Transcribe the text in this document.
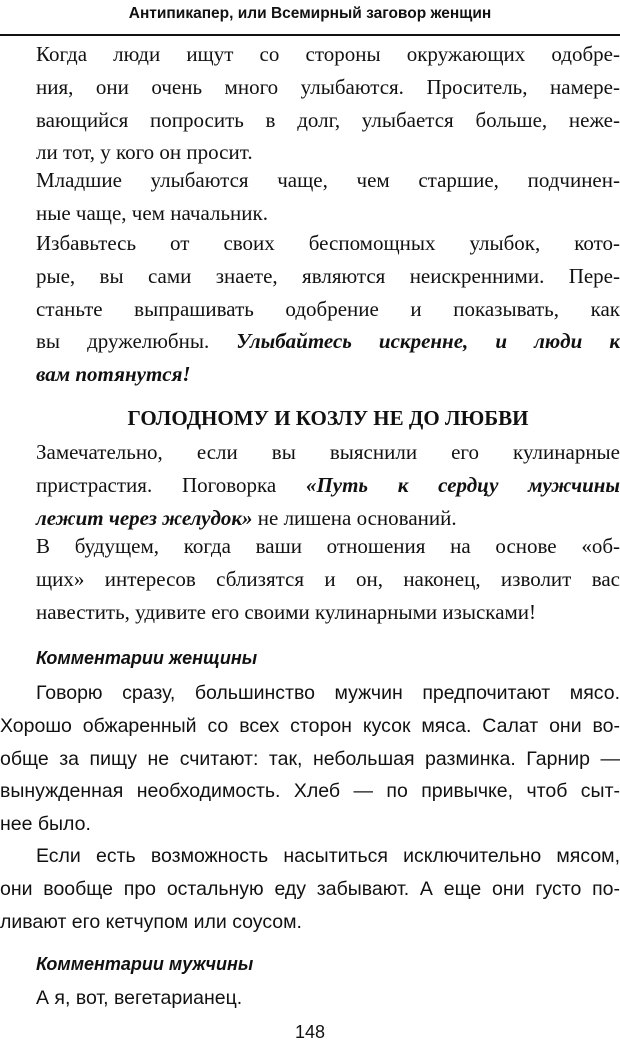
Антипикапер, или Всемирный заговор женщин
Когда люди ищут со стороны окружающих одобре-
ния, они очень много улыбаются. Проситель, намере-
вающийся попросить в долг, улыбается больше, неже-
ли тот, у кого он просит.
Младшие улыбаются чаще, чем старшие, подчинен-
ные чаще, чем начальник.
Избавьтесь от своих беспомощных улыбок, кото-
рые, вы сами знаете, являются неискренними. Пере-
станьте выпрашивать одобрение и показывать, как
вы дружелюбны. Улыбайтесь искренне, и люди к
вам потянутся!
ГОЛОДНОМУ И КОЗЛУ НЕ ДО ЛЮБВИ
Замечательно, если вы выяснили его кулинарные
пристрастия. Поговорка «Путь к сердцу мужчины
лежит через желудок» не лишена оснований.
В будущем, когда ваши отношения на основе «об-
щих» интересов сблизятся и он, наконец, изволит вас
навестить, удивите его своими кулинарными изысками!
Комментарии женщины
Говорю сразу, большинство мужчин предпочитают мясо.
Хорошо обжаренный со всех сторон кусок мяса. Салат они во-
обще за пищу не считают: так, небольшая разминка. Гарнир —
вынужденная необходимость. Хлеб — по привычке, чтоб сыт-
нее было.
Если есть возможность насытиться исключительно мясом,
они вообще про остальную еду забывают. А еще они густо по-
ливают его кетчупом или соусом.
Комментарии мужчины
А я, вот, вегетарианец.
148
